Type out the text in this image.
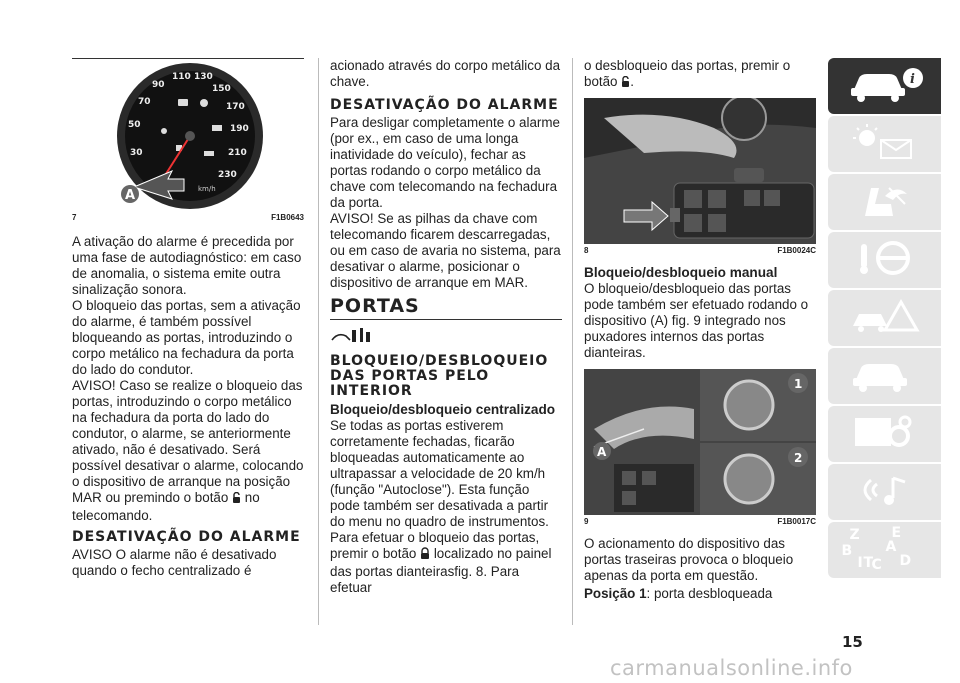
30
50
70
90
110 130
150
170
190
210
230
km/h
A
7	F1B0643

A ativação do alarme é precedida por uma fase de autodiagnóstico: em caso de anomalia, o sistema emite outra sinalização sonora.

O bloqueio das portas, sem a ativação do alarme, é também possível bloqueando as portas, introduzindo o corpo metálico na fechadura da porta do lado do condutor.

AVISO! Caso se realize o bloqueio das portas, introduzindo o corpo metálico na fechadura da porta do lado do condutor, o alarme, se anteriormente ativado, não é desativado. Será possível desativar o alarme, colocando o dispositivo de arranque na posição MAR ou premindo o botão no telecomando.

DESATIVAÇÃO DO ALARME

AVISO O alarme não é desativado quando o fecho centralizado é

acionado através do corpo metálico da chave.

DESATIVAÇÃO DO ALARME

Para desligar completamente o alarme (por ex., em caso de uma longa inatividade do veículo), fechar as portas rodando o corpo metálico da chave com telecomando na fechadura da porta.

AVISO! Se as pilhas da chave com telecomando ficarem descarregadas, ou em caso de avaria no sistema, para desativar o alarme, posicionar o dispositivo de arranque em MAR.

PORTAS
BLOQUEIO/DESBLOQUEIO DAS PORTAS PELO INTERIOR
Bloqueio/desbloqueio centralizado

Se todas as portas estiverem corretamente fechadas, ficarão bloqueadas automaticamente ao ultrapassar a velocidade de 20 km/h (função "Autoclose"). Esta função pode também ser desativada a partir do menu no quadro de instrumentos.

Para efetuar o bloqueio das portas, premir o botão localizado no painel das portas dianteirasfig. 8. Para efetuar

o desbloqueio das portas, premir o botão .

8	F1B0024C
Bloqueio/desbloqueio manual

O bloqueio/desbloqueio das portas pode também ser efetuado rodando o dispositivo (A) fig. 9 integrado nos puxadores internos das portas dianteiras.

A
1
2
9	F1B0017C

O acionamento do dispositivo das portas traseiras provoca o bloqueio apenas da porta em questão.

Posição 1: porta desbloqueada

i
Z E
B A
I C
T D
15
carmanualsonline.info
